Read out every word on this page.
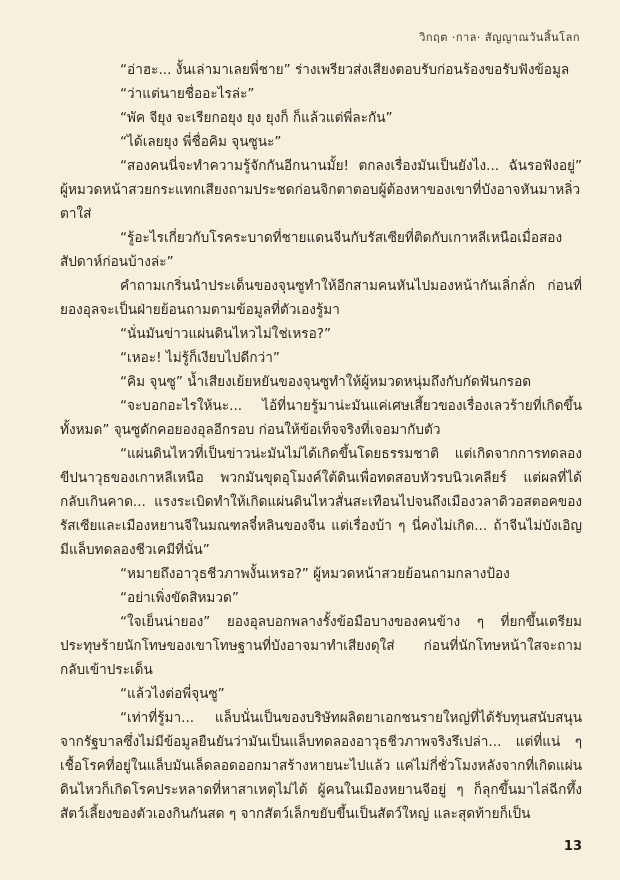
วิกฤต ·กาล· สัญญาณวันสิ้นโลก

“อ่าฮะ... งั้นเล่ามาเลยพี่ชาย” ร่างเพรียวส่งเสียงตอบรับก่อนร้องขอรับฟังข้อมูล

“ว่าแต่นายชื่ออะไรล่ะ”

“พัค จียุง จะเรียกอยุง ยุง ยุงก็ ก็แล้วแต่พี่ละกัน”

“ได้เลยยุง พี่ชื่อคิม จุนซูนะ”

“สองคนนี่จะทำความรู้จักกันอีกนานมั้ย! ตกลงเรื่องมันเป็นยังไง... ฉันรอฟังอยู่” ผู้หมวดหน้าสวยกระแทกเสียงถามประชดก่อนจิกตาตอบผู้ต้องหาของเขาที่บังอาจหันมาหลิ่วตาใส่

“รู้อะไรเกี่ยวกับโรคระบาดที่ชายแดนจีนกับรัสเซียที่ติดกับเกาหลีเหนือเมื่อสองสัปดาห์ก่อนบ้างล่ะ”

คำถามเกริ่นนำประเด็นของจุนซูทำให้อีกสามคนหันไปมองหน้ากันเลิ่กลั่ก ก่อนที่ยองอุลจะเป็นฝ่ายย้อนถามตามข้อมูลที่ตัวเองรู้มา

“นั่นมันข่าวแผ่นดินไหวไม่ใช่เหรอ?”

“เหอะ! ไม่รู้ก็เงียบไปดีกว่า”

“คิม จุนซู” น้ำเสียงเย้ยหยันของจุนซูทำให้ผู้หมวดหนุ่มถึงกับกัดฟันกรอด

“จะบอกอะไรให้นะ... ไอ้ที่นายรู้มาน่ะมันแค่เศษเสี้ยวของเรื่องเลวร้ายที่เกิดขึ้นทั้งหมด” จุนซูดักคอยองอุลอีกรอบ ก่อนให้ข้อเท็จจริงที่เจอมากับตัว

“แผ่นดินไหวที่เป็นข่าวน่ะมันไม่ได้เกิดขึ้นโดยธรรมชาติ แต่เกิดจากการทดลองขีปนาวุธของเกาหลีเหนือ พวกมันขุดอุโมงค์ใต้ดินเพื่อทดสอบหัวรบนิวเคลียร์ แต่ผลที่ได้กลับเกินคาด... แรงระเบิดทำให้เกิดแผ่นดินไหวสั่นสะเทือนไปจนถึงเมืองวลาดิวอสตอคของรัสเซียและเมืองหยานจีในมณฑลจี๋หลินของจีน แต่เรื่องบ้า ๆ นี่คงไม่เกิด... ถ้าจีนไม่บังเอิญมีแล็บทดลองชีวเคมีที่นั่น”

“หมายถึงอาวุธชีวภาพงั้นเหรอ?” ผู้หมวดหน้าสวยย้อนถามกลางป้อง

“อย่าเพิ่งขัดสิหมวด”

“ใจเย็นน่ายอง” ยองอุลบอกพลางรั้งข้อมือบางของคนข้าง ๆ ที่ยกขึ้นเตรียมประทุษร้ายนักโทษของเขาโทษฐานที่บังอาจมาทำเสียงดุใส่ ก่อนที่นักโทษหน้าใสจะถามกลับเข้าประเด็น

“แล้วไงต่อพี่จุนซู”

“เท่าที่รู้มา... แล็บนั่นเป็นของบริษัทผลิตยาเอกชนรายใหญ่ที่ได้รับทุนสนับสนุนจากรัฐบาลซึ่งไม่มีข้อมูลยืนยันว่ามันเป็นแล็บทดลองอาวุธชีวภาพจริงรึเปล่า... แต่ที่แน่ ๆ เชื้อโรคที่อยู่ในแล็บมันเล็ดลอดออกมาสร้างหายนะไปแล้ว แค่ไม่กี่ชั่วโมงหลังจากที่เกิดแผ่นดินไหวก็เกิดโรคประหลาดที่หาสาเหตุไม่ได้ ผู้คนในเมืองหยานจีอยู่ ๆ ก็ลุกขึ้นมาไล่ฉีกทึ้งสัตว์เลี้ยงของตัวเองกินกันสด ๆ จากสัตว์เล็กขยับขึ้นเป็นสัตว์ใหญ่ และสุดท้ายก็เป็น

13
